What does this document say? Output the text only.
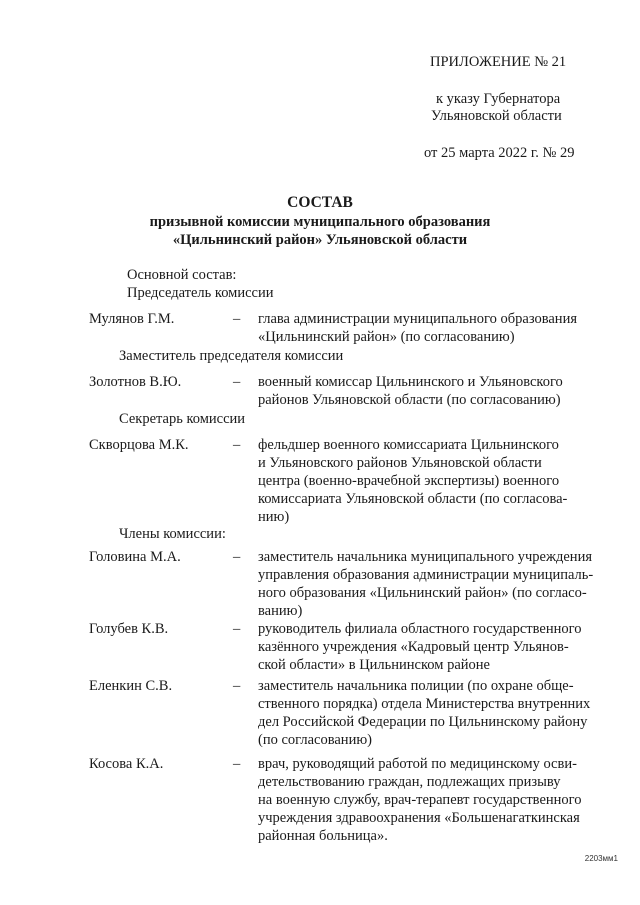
ПРИЛОЖЕНИЕ № 21
к указу Губернатора
Ульяновской области
от 25 марта 2022 г. № 29
СОСТАВ
призывной комиссии муниципального образования
«Цильнинский район» Ульяновской области
Основной состав:
Председатель комиссии
Мулянов Г.М.	– глава администрации муниципального образования
«Цильнинский район» (по согласованию)
Заместитель председателя комиссии
Золотнов В.Ю.	– военный комиссар Цильнинского и Ульяновского
районов Ульяновской области (по согласованию)
Секретарь комиссии
Скворцова М.К.	– фельдшер военного комиссариата Цильнинского
и Ульяновского районов Ульяновской области
центра (военно-врачебной экспертизы) военного
комиссариата Ульяновской области (по согласова-
нию)
Члены комиссии:
Головина М.А.	– заместитель начальника муниципального учреждения
управления образования администрации муниципаль-
ного образования «Цильнинский район» (по согласо-
ванию)
Голубев К.В.	– руководитель филиала областного государственного
казённого учреждения «Кадровый центр Ульянов-
ской области» в Цильнинском районе
Еленкин С.В.	– заместитель начальника полиции (по охране обще-
ственного порядка) отдела Министерства внутренних
дел Российской Федерации по Цильнинскому району
(по согласованию)
Косова К.А.	– врач, руководящий работой по медицинскому осви-
детельствованию граждан, подлежащих призыву
на военную службу, врач-терапевт государственного
учреждения здравоохранения «Большенагаткинская
районная больница».
2203мм1
